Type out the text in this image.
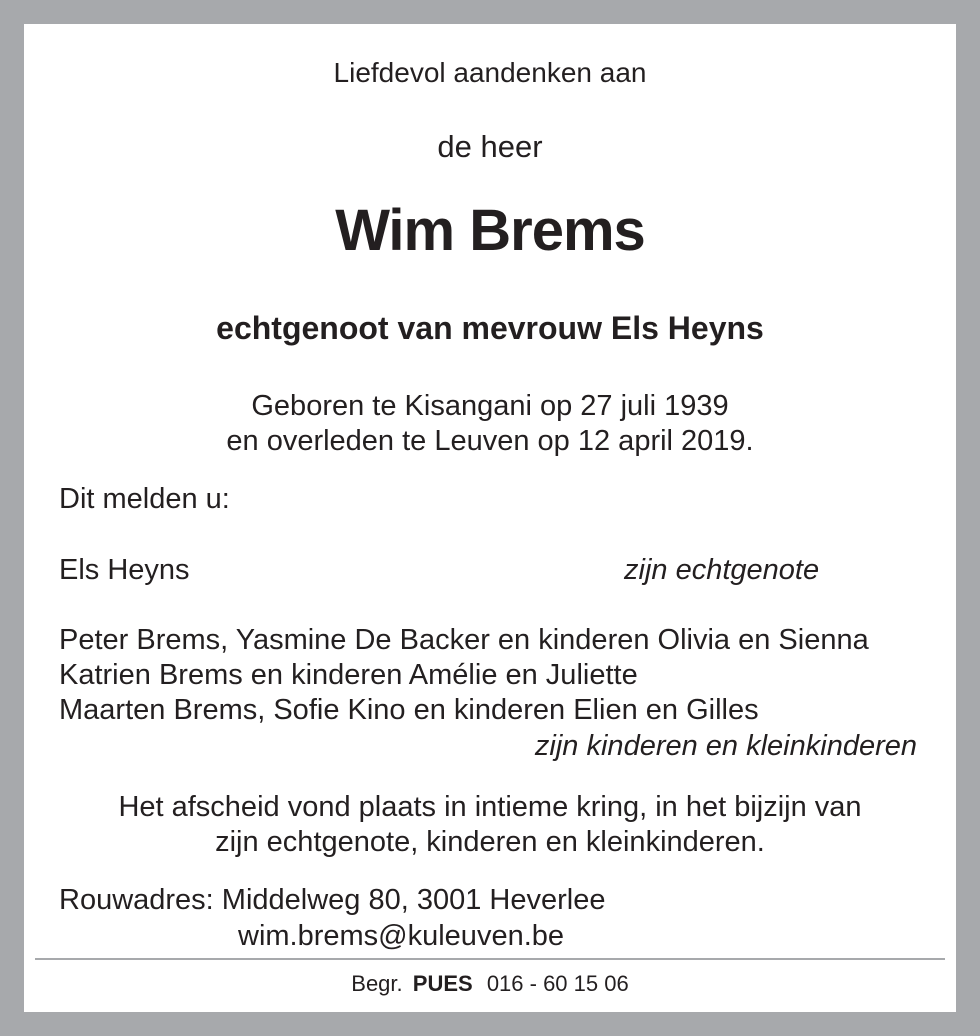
Liefdevol aandenken aan
de heer
Wim Brems
echtgenoot van mevrouw Els Heyns
Geboren te Kisangani op 27 juli 1939
en overleden te Leuven op 12 april 2019.
Dit melden u:
Els Heyns	zijn echtgenote
Peter Brems, Yasmine De Backer en kinderen Olivia en Sienna
Katrien Brems en kinderen Amélie en Juliette
Maarten Brems, Sofie Kino en kinderen Elien en Gilles
zijn kinderen en kleinkinderen
Het afscheid vond plaats in intieme kring, in het bijzijn van
zijn echtgenote, kinderen en kleinkinderen.
Rouwadres: Middelweg 80, 3001 Heverlee
wim.brems@kuleuven.be
Begr. PUES 016 - 60 15 06
